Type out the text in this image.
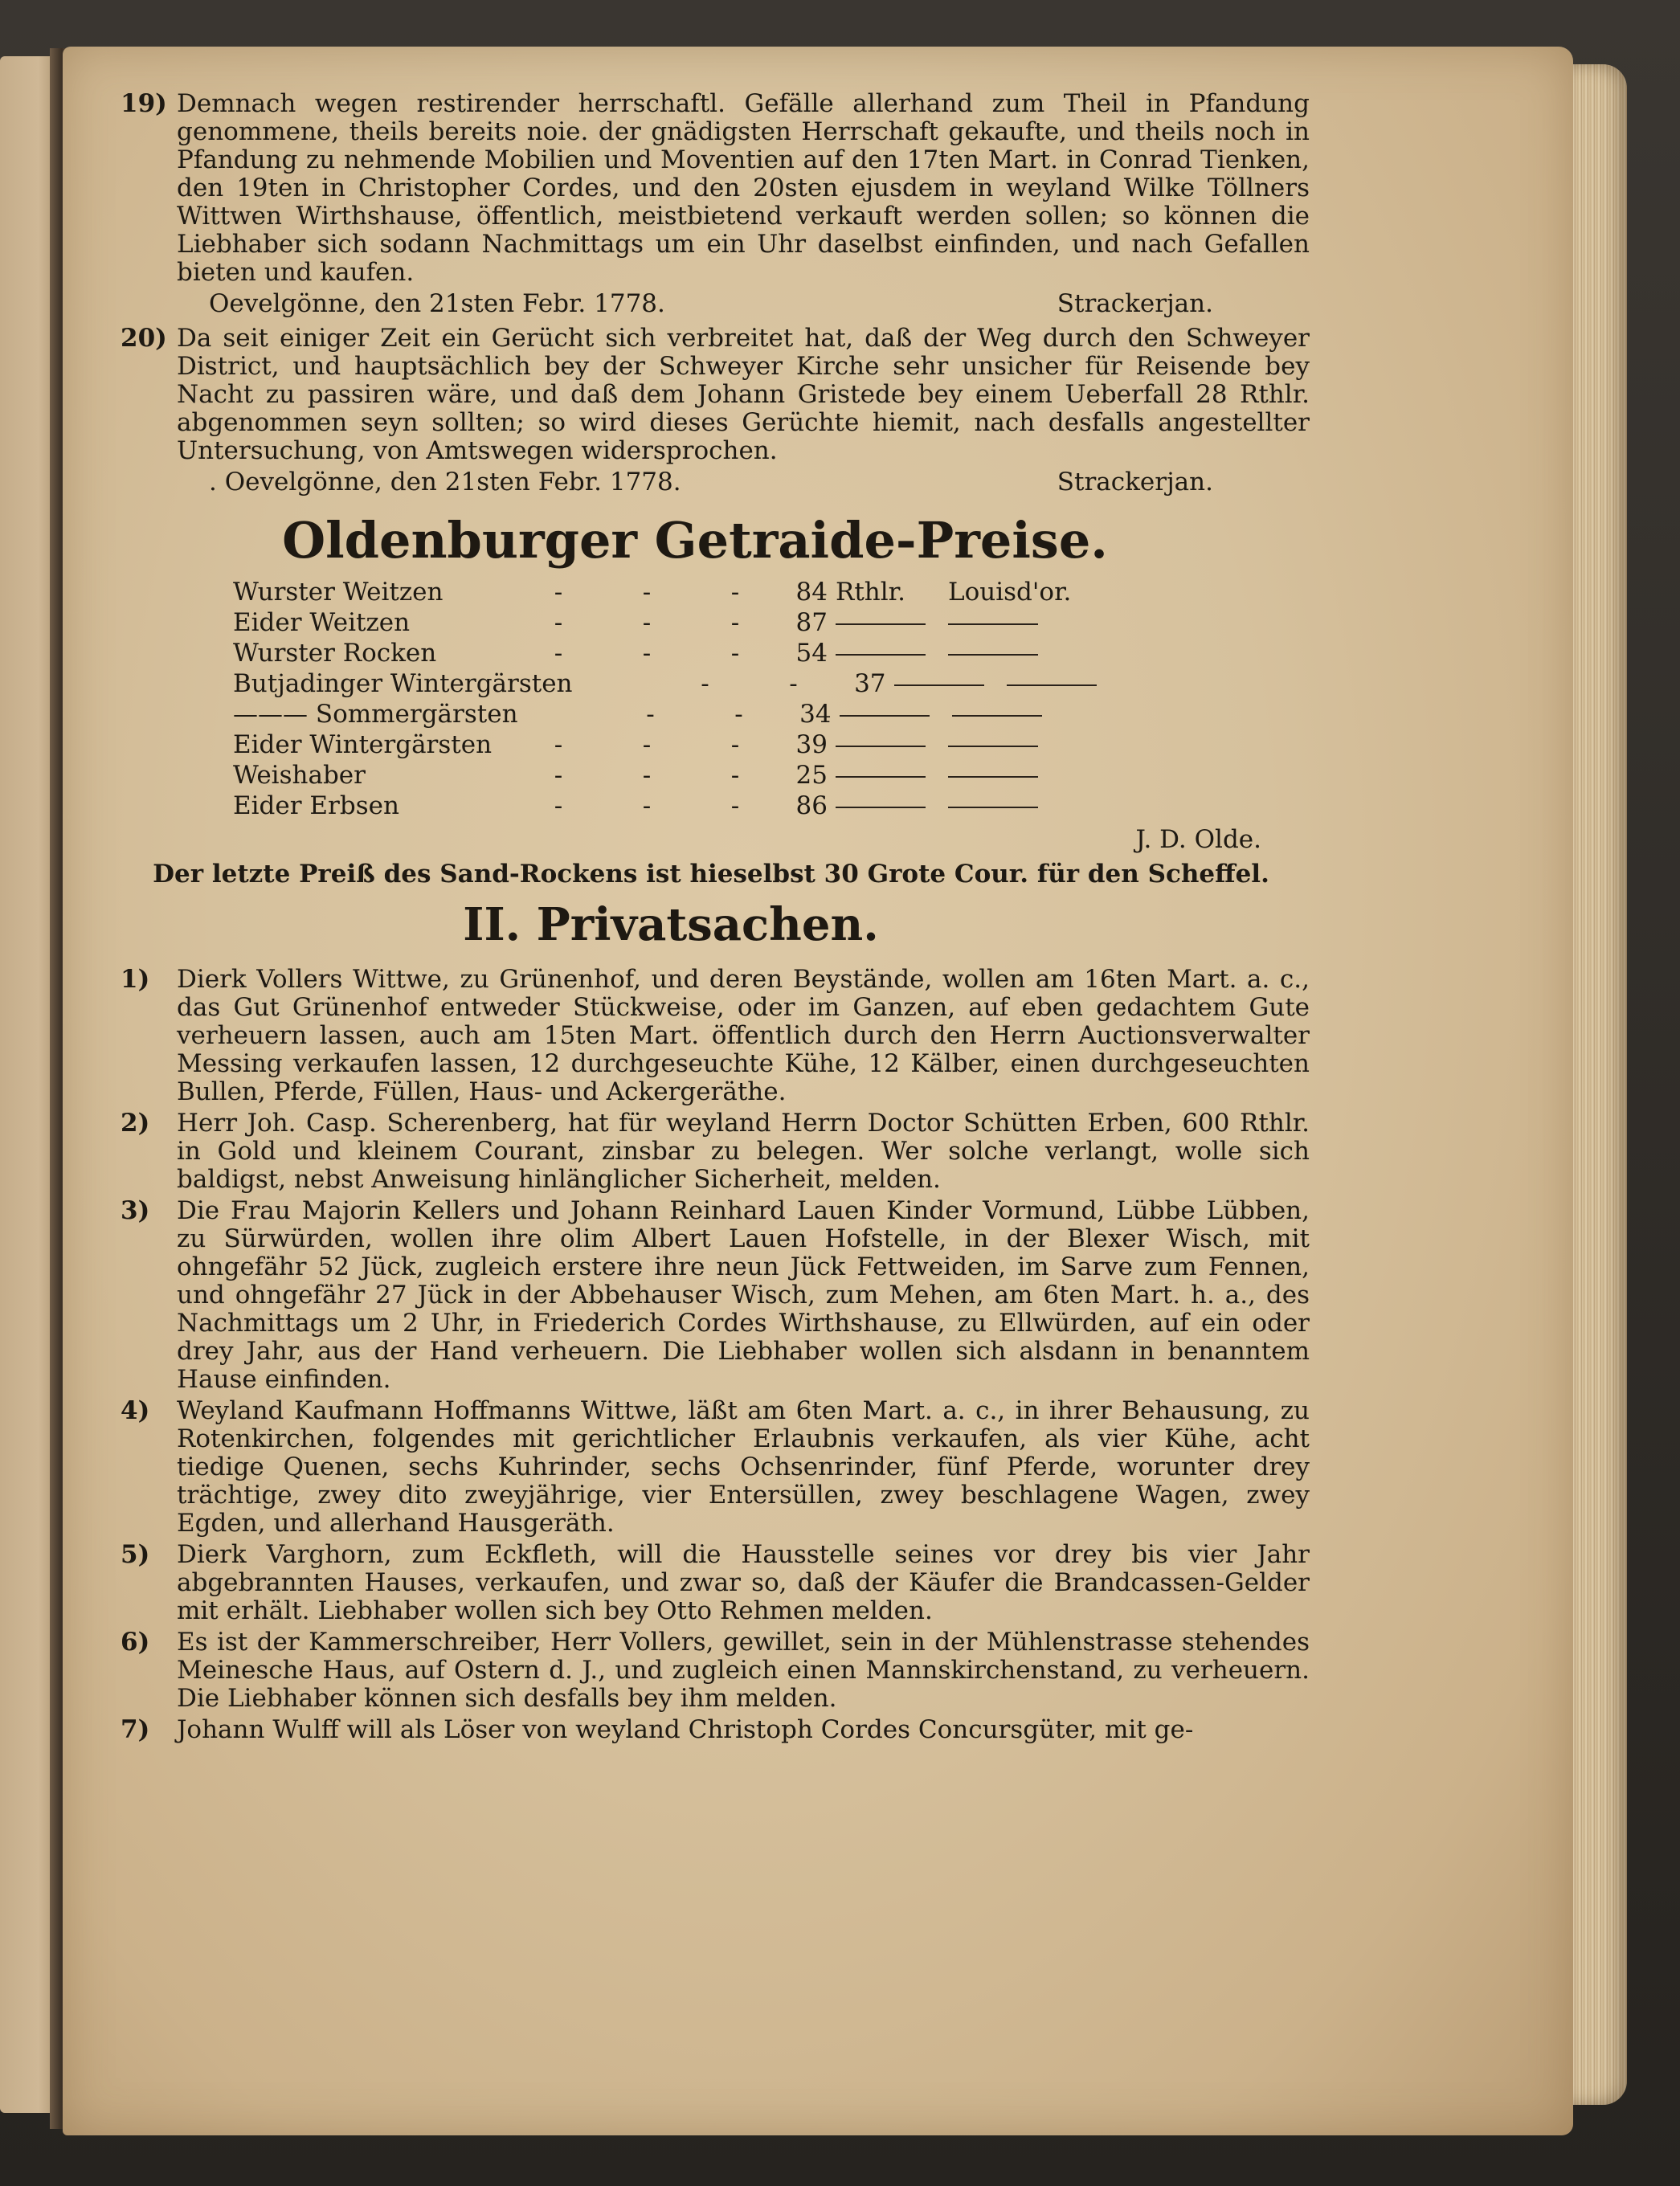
19) Demnach wegen restirender herrschaftl. Gefälle allerhand zum Theil in Pfandung genommene, theils bereits noie. der gnädigsten Herrschaft gekaufte, und theils noch in Pfandung zu nehmende Mobilien und Moventien auf den 17ten Mart. in Conrad Tienken, den 19ten in Christopher Cordes, und den 20sten ejusdem in weyland Wilke Töllners Wittwen Wirthshause, öffentlich, meistbietend verkauft werden sollen; so können die Liebhaber sich sodann Nachmittags um ein Uhr daselbst einfinden, und nach Gefallen bieten und kaufen.
Oevelgönne, den 21sten Febr. 1778.	Strackerjan.
20) Da seit einiger Zeit ein Gerücht sich verbreitet hat, daß der Weg durch den Schweyer District, und hauptsächlich bey der Schweyer Kirche sehr unsicher für Reisende bey Nacht zu passiren wäre, und daß dem Johann Gristede bey einem Ueberfall 28 Rthlr. abgenommen seyn sollten; so wird dieses Gerüchte hiemit, nach desfalls angestellter Untersuchung, von Amtswegen widersprochen.
. Oevelgönne, den 21sten Febr. 1778.	Strackerjan.
Oldenburger Getraide-Preise.
Wurster Weitzen	-	-	-	84 Rthlr.	Louisd'or.
Eider Weitzen	-	-	-	87
Wurster Rocken	-	-	-	54
Butjadinger Wintergärsten	-	-	37
——— Sommergärsten	-	-	34
Eider Wintergärsten	-	-	-	39
Weishaber	-	-	-	25
Eider Erbsen	-	-	-	86
J. D. Olde.
Der letzte Preiß des Sand-Rockens ist hieselbst 30 Grote Cour. für den Scheffel.
II. Privatsachen.
1)	Dierk Vollers Wittwe, zu Grünenhof, und deren Beystände, wollen am 16ten Mart. a. c., das Gut Grünenhof entweder Stückweise, oder im Ganzen, auf eben gedachtem Gute verheuern lassen, auch am 15ten Mart. öffentlich durch den Herrn Auctionsverwalter Messing verkaufen lassen, 12 durchgeseuchte Kühe, 12 Kälber, einen durchgeseuchten Bullen, Pferde, Füllen, Haus- und Ackergeräthe.
2)	Herr Joh. Casp. Scherenberg, hat für weyland Herrn Doctor Schütten Erben, 600 Rthlr. in Gold und kleinem Courant, zinsbar zu belegen. Wer solche verlangt, wolle sich baldigst, nebst Anweisung hinlänglicher Sicherheit, melden.
3)	Die Frau Majorin Kellers und Johann Reinhard Lauen Kinder Vormund, Lübbe Lübben, zu Sürwürden, wollen ihre olim Albert Lauen Hofstelle, in der Blexer Wisch, mit ohngefähr 52 Jück, zugleich erstere ihre neun Jück Fettweiden, im Sarve zum Fennen, und ohngefähr 27 Jück in der Abbehauser Wisch, zum Mehen, am 6ten Mart. h. a., des Nachmittags um 2 Uhr, in Friederich Cordes Wirthshause, zu Ellwürden, auf ein oder drey Jahr, aus der Hand verheuern. Die Liebhaber wollen sich alsdann in benanntem Hause einfinden.
4)	Weyland Kaufmann Hoffmanns Wittwe, läßt am 6ten Mart. a. c., in ihrer Behausung, zu Rotenkirchen, folgendes mit gerichtlicher Erlaubnis verkaufen, als vier Kühe, acht tiedige Quenen, sechs Kuhrinder, sechs Ochsenrinder, fünf Pferde, worunter drey trächtige, zwey dito zweyjährige, vier Entersüllen, zwey beschlagene Wagen, zwey Egden, und allerhand Hausgeräth.
5)	Dierk Varghorn, zum Eckfleth, will die Hausstelle seines vor drey bis vier Jahr abgebrannten Hauses, verkaufen, und zwar so, daß der Käufer die Brandcassen-Gelder mit erhält. Liebhaber wollen sich bey Otto Rehmen melden.
6)	Es ist der Kammerschreiber, Herr Vollers, gewillet, sein in der Mühlenstrasse stehendes Meinesche Haus, auf Ostern d. J., und zugleich einen Mannskirchenstand, zu verheuern. Die Liebhaber können sich desfalls bey ihm melden.
7)	Johann Wulff will als Löser von weyland Christoph Cordes Concursgüter, mit ge-
